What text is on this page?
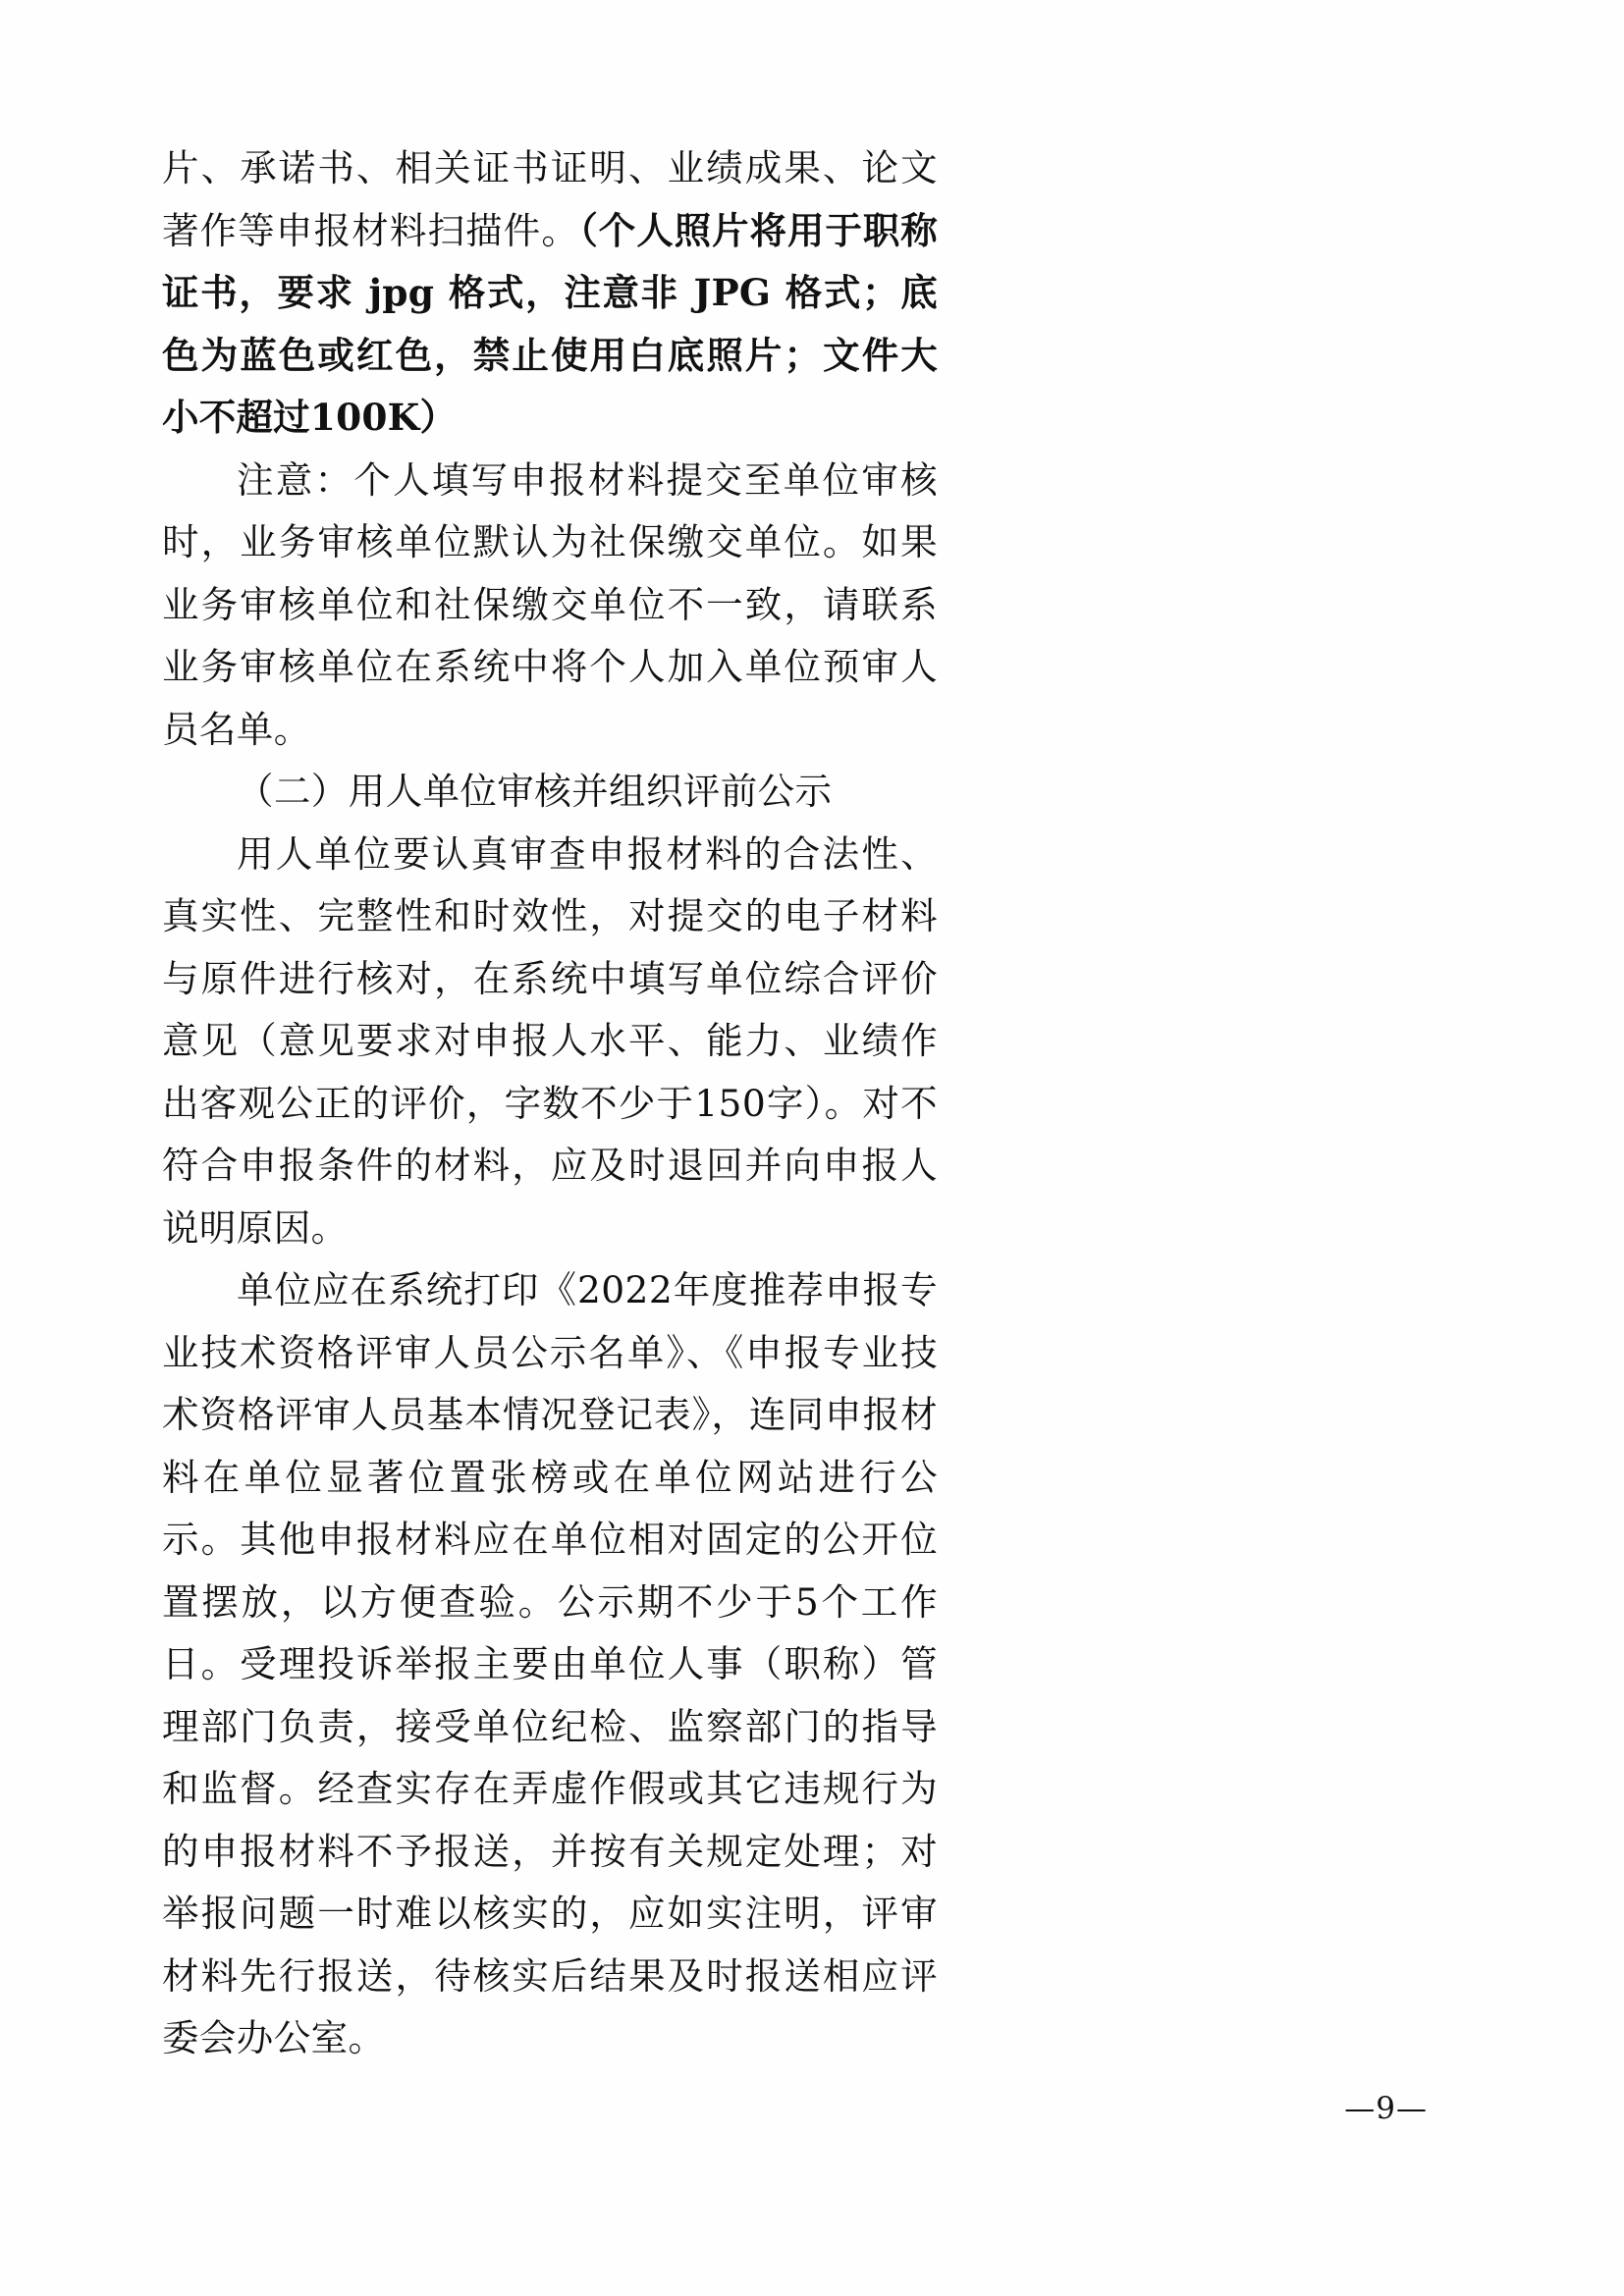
片、承诺书、相关证书证明、业绩成果、论文著作等申报材料扫描件。（个人照片将用于职称证书，要求 jpg 格式，注意非 JPG 格式；底色为蓝色或红色，禁止使用白底照片；文件大小不超过100K）

注意：个人填写申报材料提交至单位审核时，业务审核单位默认为社保缴交单位。如果业务审核单位和社保缴交单位不一致，请联系业务审核单位在系统中将个人加入单位预审人员名单。

（二）用人单位审核并组织评前公示

用人单位要认真审查申报材料的合法性、真实性、完整性和时效性，对提交的电子材料与原件进行核对，在系统中填写单位综合评价意见（意见要求对申报人水平、能力、业绩作出客观公正的评价，字数不少于150字）。对不符合申报条件的材料，应及时退回并向申报人说明原因。

单位应在系统打印《2022年度推荐申报专业技术资格评审人员公示名单》、《申报专业技术资格评审人员基本情况登记表》，连同申报材料在单位显著位置张榜或在单位网站进行公示。其他申报材料应在单位相对固定的公开位置摆放，以方便查验。公示期不少于5个工作日。受理投诉举报主要由单位人事（职称）管理部门负责，接受单位纪检、监察部门的指导和监督。经查实存在弄虚作假或其它违规行为的申报材料不予报送，并按有关规定处理；对举报问题一时难以核实的，应如实注明，评审材料先行报送，待核实后结果及时报送相应评委会办公室。

—9—
